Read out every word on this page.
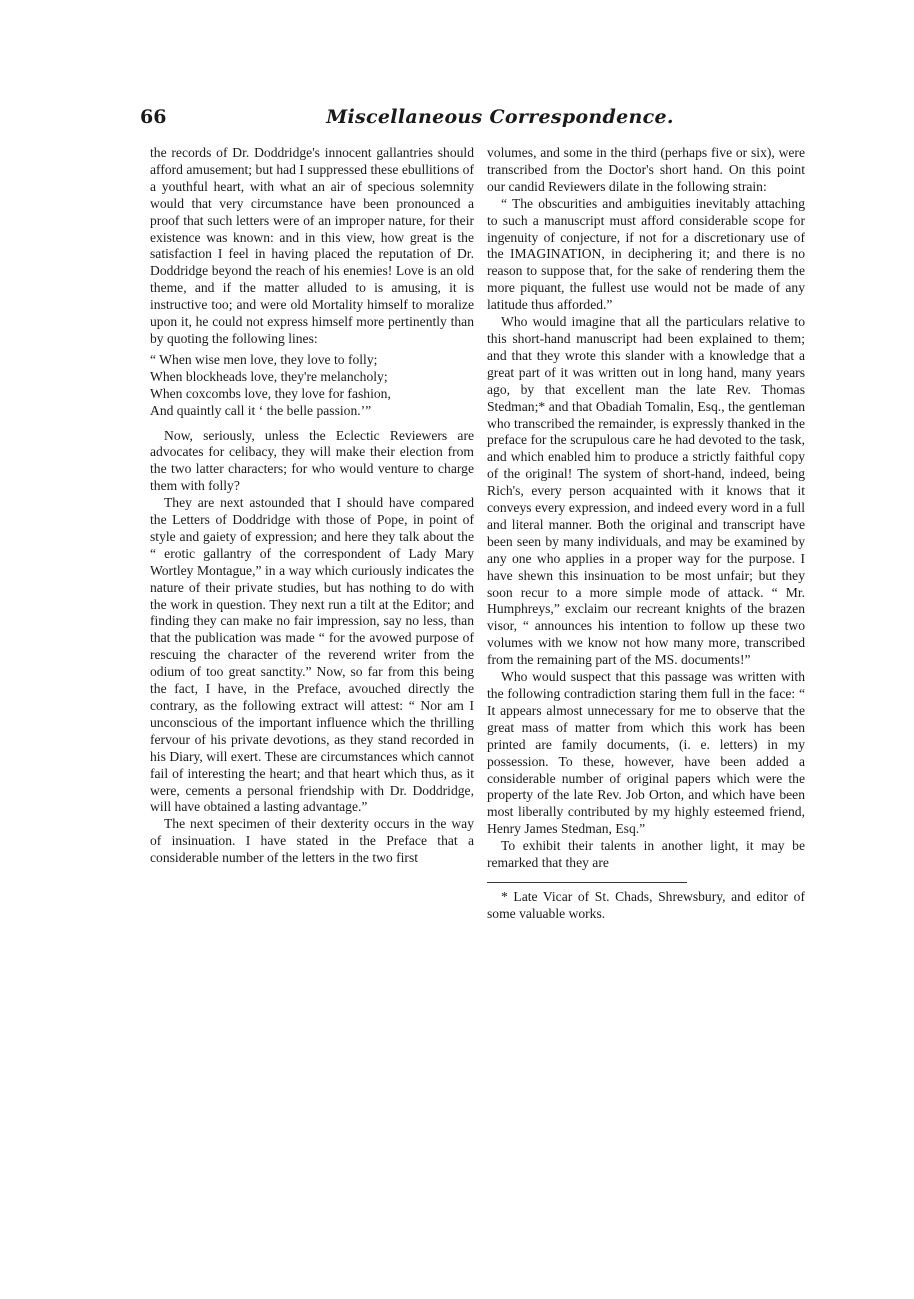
66	Miscellaneous Correspondence.

the records of Dr. Doddridge's innocent gallantries should afford amusement; but had I suppressed these ebullitions of a youthful heart, with what an air of specious solemnity would that very circumstance have been pronounced a proof that such letters were of an improper nature, for their existence was known: and in this view, how great is the satisfaction I feel in having placed the reputation of Dr. Doddridge beyond the reach of his enemies! Love is an old theme, and if the matter alluded to is amusing, it is instructive too; and were old Mortality himself to moralize upon it, he could not express himself more pertinently than by quoting the following lines:

“ When wise men love, they love to folly;

When blockheads love, they're melancholy;

When coxcombs love, they love for fashion,

And quaintly call it ‘ the belle passion.’”

Now, seriously, unless the Eclectic Reviewers are advocates for celibacy, they will make their election from the two latter characters; for who would venture to charge them with folly?

They are next astounded that I should have compared the Letters of Doddridge with those of Pope, in point of style and gaiety of expression; and here they talk about the “ erotic gallantry of the correspondent of Lady Mary Wortley Montague,” in a way which curiously indicates the nature of their private studies, but has nothing to do with the work in question. They next run a tilt at the Editor; and finding they can make no fair impression, say no less, than that the publication was made “ for the avowed purpose of rescuing the character of the reverend writer from the odium of too great sanctity.” Now, so far from this being the fact, I have, in the Preface, avouched directly the contrary, as the following extract will attest: “ Nor am I unconscious of the important influence which the thrilling fervour of his private devotions, as they stand recorded in his Diary, will exert. These are circumstances which cannot fail of interesting the heart; and that heart which thus, as it were, cements a personal friendship with Dr. Doddridge, will have obtained a lasting advantage.”

The next specimen of their dexterity occurs in the way of insinuation. I have stated in the Preface that a considerable number of the letters in the two first

volumes, and some in the third (perhaps five or six), were transcribed from the Doctor's short hand. On this point our candid Reviewers dilate in the following strain:

“ The obscurities and ambiguities inevitably attaching to such a manuscript must afford considerable scope for ingenuity of conjecture, if not for a discretionary use of the IMAGINATION, in deciphering it; and there is no reason to suppose that, for the sake of rendering them the more piquant, the fullest use would not be made of any latitude thus afforded.”

Who would imagine that all the particulars relative to this short-hand manuscript had been explained to them; and that they wrote this slander with a knowledge that a great part of it was written out in long hand, many years ago, by that excellent man the late Rev. Thomas Stedman;* and that Obadiah Tomalin, Esq., the gentleman who transcribed the remainder, is expressly thanked in the preface for the scrupulous care he had devoted to the task, and which enabled him to produce a strictly faithful copy of the original! The system of short-hand, indeed, being Rich's, every person acquainted with it knows that it conveys every expression, and indeed every word in a full and literal manner. Both the original and transcript have been seen by many individuals, and may be examined by any one who applies in a proper way for the purpose. I have shewn this insinuation to be most unfair; but they soon recur to a more simple mode of attack. “ Mr. Humphreys,” exclaim our recreant knights of the brazen visor, “ announces his intention to follow up these two volumes with we know not how many more, transcribed from the remaining part of the MS. documents!”

Who would suspect that this passage was written with the following contradiction staring them full in the face: “ It appears almost unnecessary for me to observe that the great mass of matter from which this work has been printed are family documents, (i. e. letters) in my possession. To these, however, have been added a considerable number of original papers which were the property of the late Rev. Job Orton, and which have been most liberally contributed by my highly esteemed friend, Henry James Stedman, Esq.”

To exhibit their talents in another light, it may be remarked that they are

* Late Vicar of St. Chads, Shrewsbury, and editor of some valuable works.
